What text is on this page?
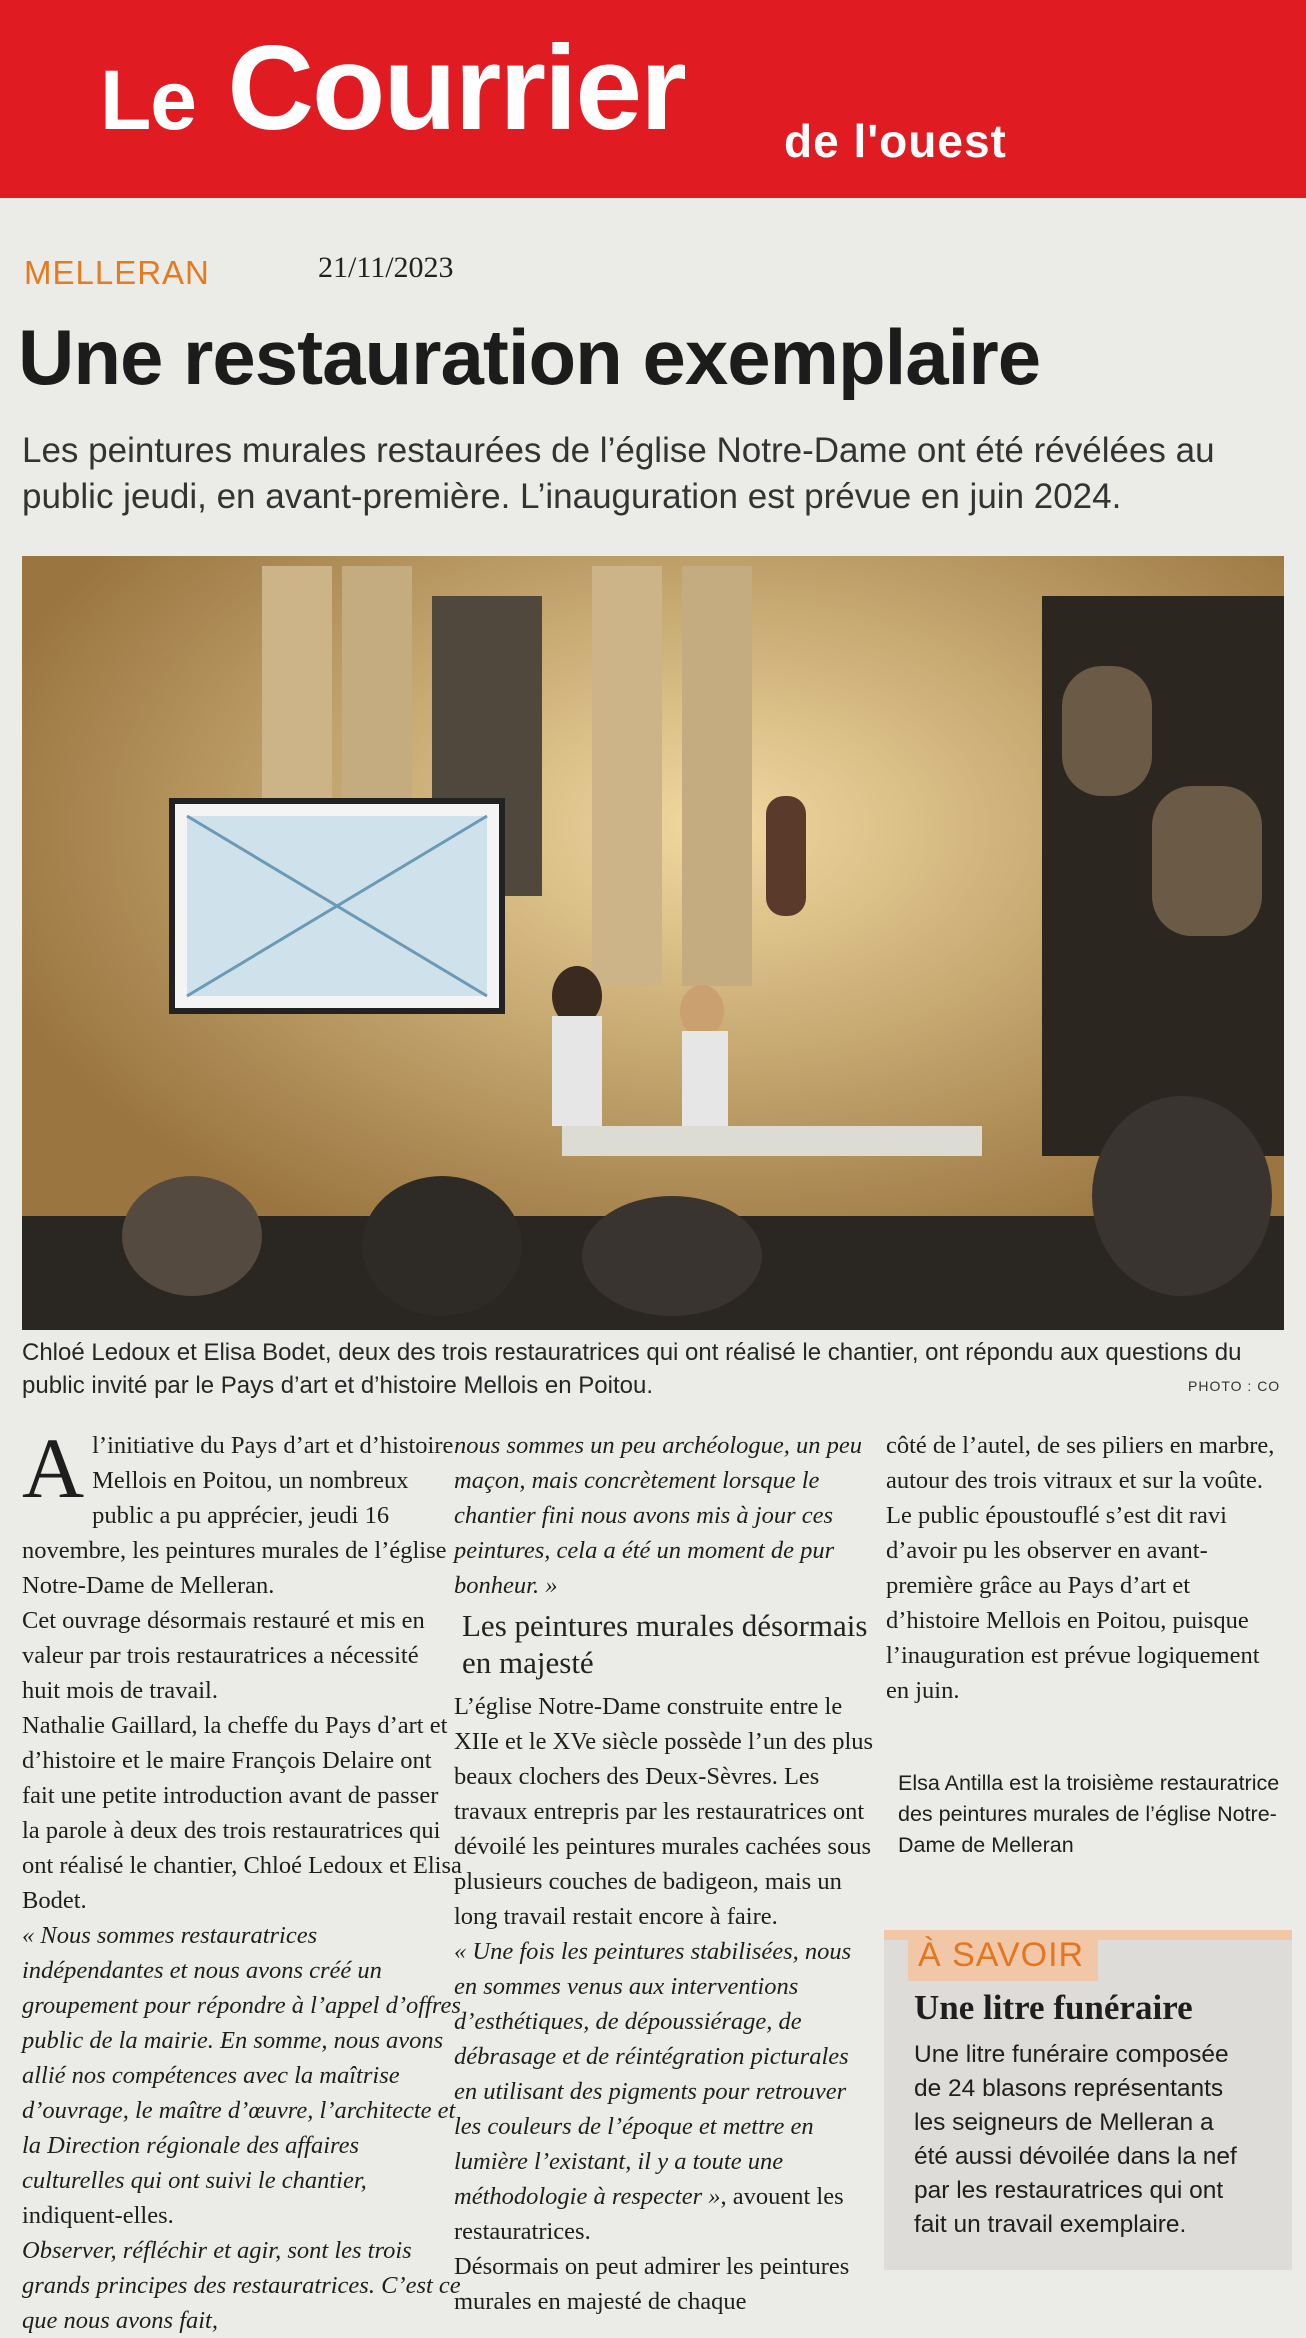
Le Courrier de l'ouest
MELLERAN	21/11/2023
Une restauration exemplaire
Les peintures murales restaurées de l’église Notre-Dame ont été révélées au public jeudi, en avant-première. L’inauguration est prévue en juin 2024.
Chloé Ledoux et Elisa Bodet, deux des trois restauratrices qui ont réalisé le chantier, ont répondu aux questions du public invité par le Pays d’art et d’histoire Mellois en Poitou.	PHOTO : CO

Al’initiative du Pays d’art et d’histoire Mellois en Poitou, un nombreux public a pu apprécier, jeudi 16 novembre, les peintures murales de l’église Notre-Dame de Melleran.

Cet ouvrage désormais restauré et mis en valeur par trois restauratrices a nécessité huit mois de travail.

Nathalie Gaillard, la cheffe du Pays d’art et d’histoire et le maire François Delaire ont fait une petite introduction avant de passer la parole à deux des trois restauratrices qui ont réalisé le chantier, Chloé Ledoux et Elisa Bodet.

« Nous sommes restauratrices indépendantes et nous avons créé un groupement pour répondre à l’appel d’offres public de la mairie. En somme, nous avons allié nos compétences avec la maîtrise d’ouvrage, le maître d’œuvre, l’architecte et la Direction régionale des affaires culturelles qui ont suivi le chantier, indiquent-elles.

Observer, réfléchir et agir, sont les trois grands principes des restauratrices. C’est ce que nous avons fait,

nous sommes un peu archéologue, un peu maçon, mais concrètement lorsque le chantier fini nous avons mis à jour ces peintures, cela a été un moment de pur bonheur. »

Les peintures murales désormais en majesté

L’église Notre-Dame construite entre le XIIe et le XVe siècle possède l’un des plus beaux clochers des Deux-Sèvres. Les travaux entrepris par les restauratrices ont dévoilé les peintures murales cachées sous plusieurs couches de badigeon, mais un long travail restait encore à faire.

« Une fois les peintures stabilisées, nous en sommes venus aux interventions d’esthétiques, de dépoussiérage, de débrasage et de réintégration picturales en utilisant des pigments pour retrouver les couleurs de l’époque et mettre en lumière l’existant, il y a toute une méthodologie à respecter », avouent les restauratrices.

Désormais on peut admirer les peintures murales en majesté de chaque

côté de l’autel, de ses piliers en marbre, autour des trois vitraux et sur la voûte.

Le public époustouflé s’est dit ravi d’avoir pu les observer en avant-première grâce au Pays d’art et d’histoire Mellois en Poitou, puisque l’inauguration est prévue logiquement en juin.

Elsa Antilla est la troisième restauratrice des peintures murales de l’église Notre-Dame de Melleran
À SAVOIR
Une litre funéraire
Une litre funéraire composée de 24 blasons représentants les seigneurs de Melleran a été aussi dévoilée dans la nef par les restauratrices qui ont fait un travail exemplaire.
